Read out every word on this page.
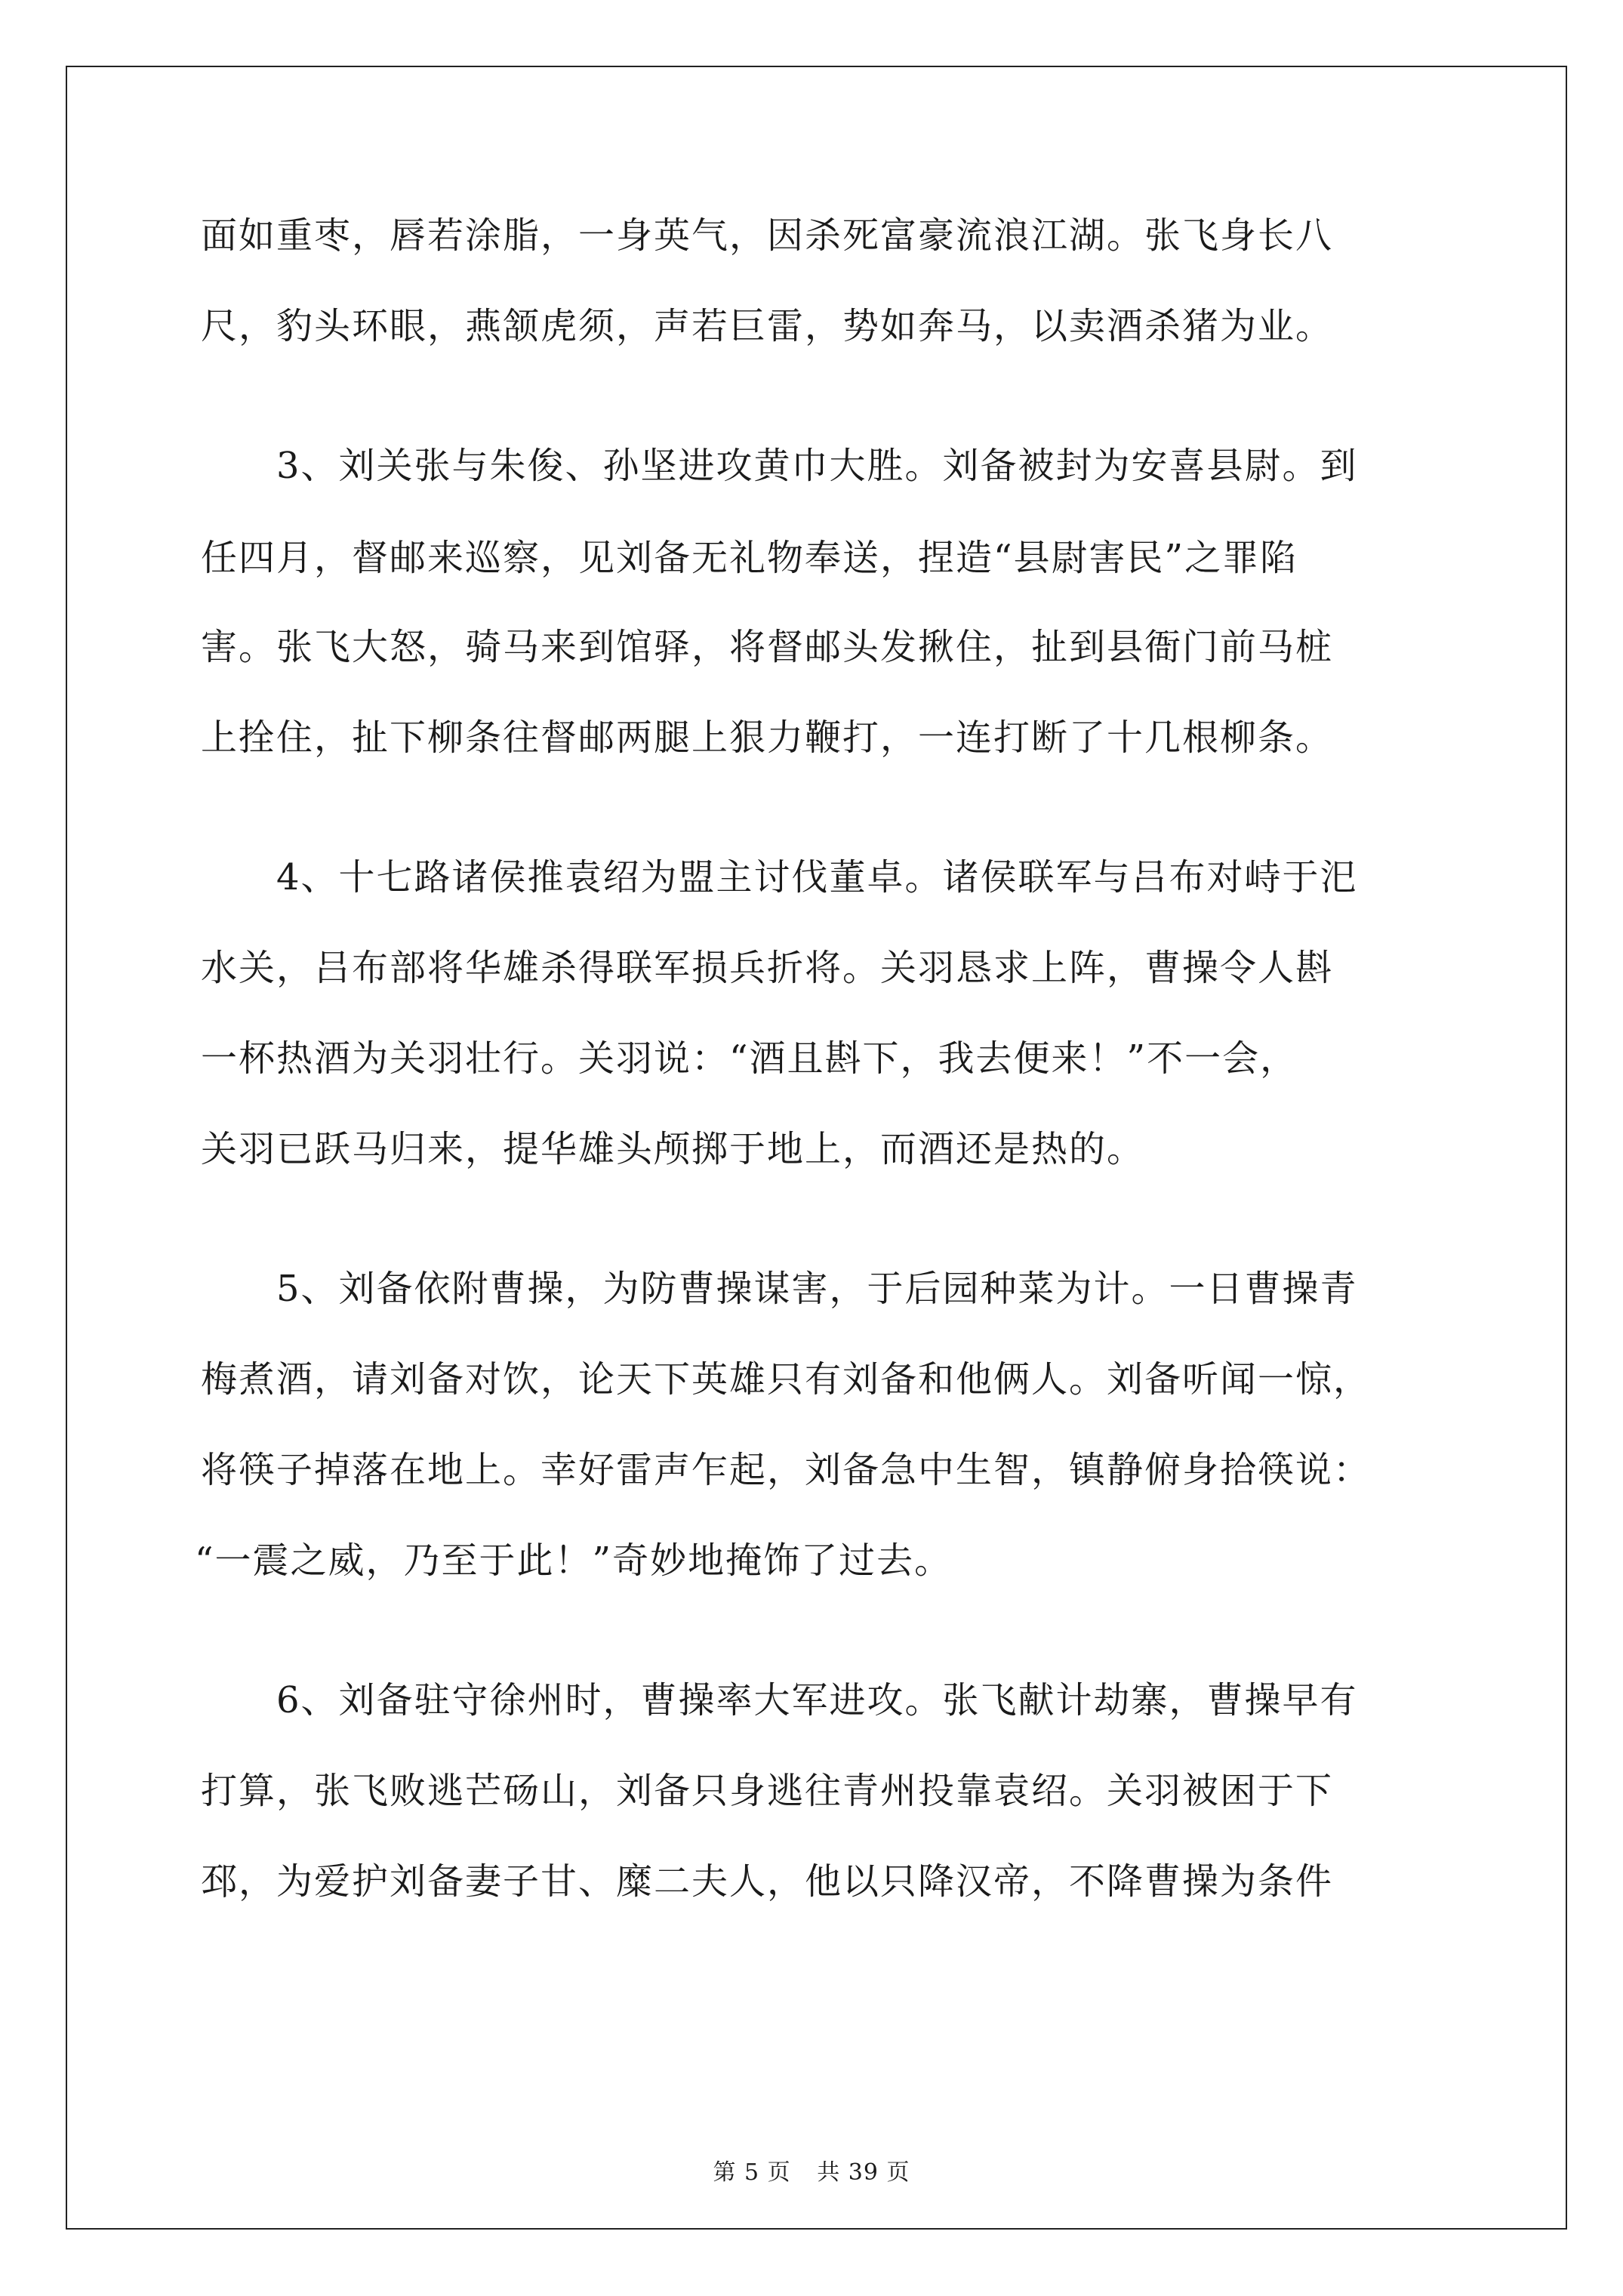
面如重枣，唇若涂脂，一身英气，因杀死富豪流浪江湖。张飞身长八
尺，豹头环眼，燕颔虎须，声若巨雷，势如奔马，以卖酒杀猪为业。
3、刘关张与朱俊、孙坚进攻黄巾大胜。刘备被封为安喜县尉。到
任四月，督邮来巡察，见刘备无礼物奉送，捏造“县尉害民”之罪陷
害。张飞大怒，骑马来到馆驿，将督邮头发揪住，扯到县衙门前马桩
上拴住，扯下柳条往督邮两腿上狠力鞭打，一连打断了十几根柳条。
4、十七路诸侯推袁绍为盟主讨伐董卓。诸侯联军与吕布对峙于汜
水关，吕布部将华雄杀得联军损兵折将。关羽恳求上阵，曹操令人斟
一杯热酒为关羽壮行。关羽说：“酒且斟下，我去便来！”不一会，
关羽已跃马归来，提华雄头颅掷于地上，而酒还是热的。
5、刘备依附曹操，为防曹操谋害，于后园种菜为计。一日曹操青
梅煮酒，请刘备对饮，论天下英雄只有刘备和他俩人。刘备听闻一惊，
将筷子掉落在地上。幸好雷声乍起，刘备急中生智，镇静俯身拾筷说：
“一震之威，乃至于此！”奇妙地掩饰了过去。
6、刘备驻守徐州时，曹操率大军进攻。张飞献计劫寨，曹操早有
打算，张飞败逃芒砀山，刘备只身逃往青州投靠袁绍。关羽被困于下
邳，为爱护刘备妻子甘、糜二夫人，他以只降汉帝，不降曹操为条件
第 5 页 共 39 页
